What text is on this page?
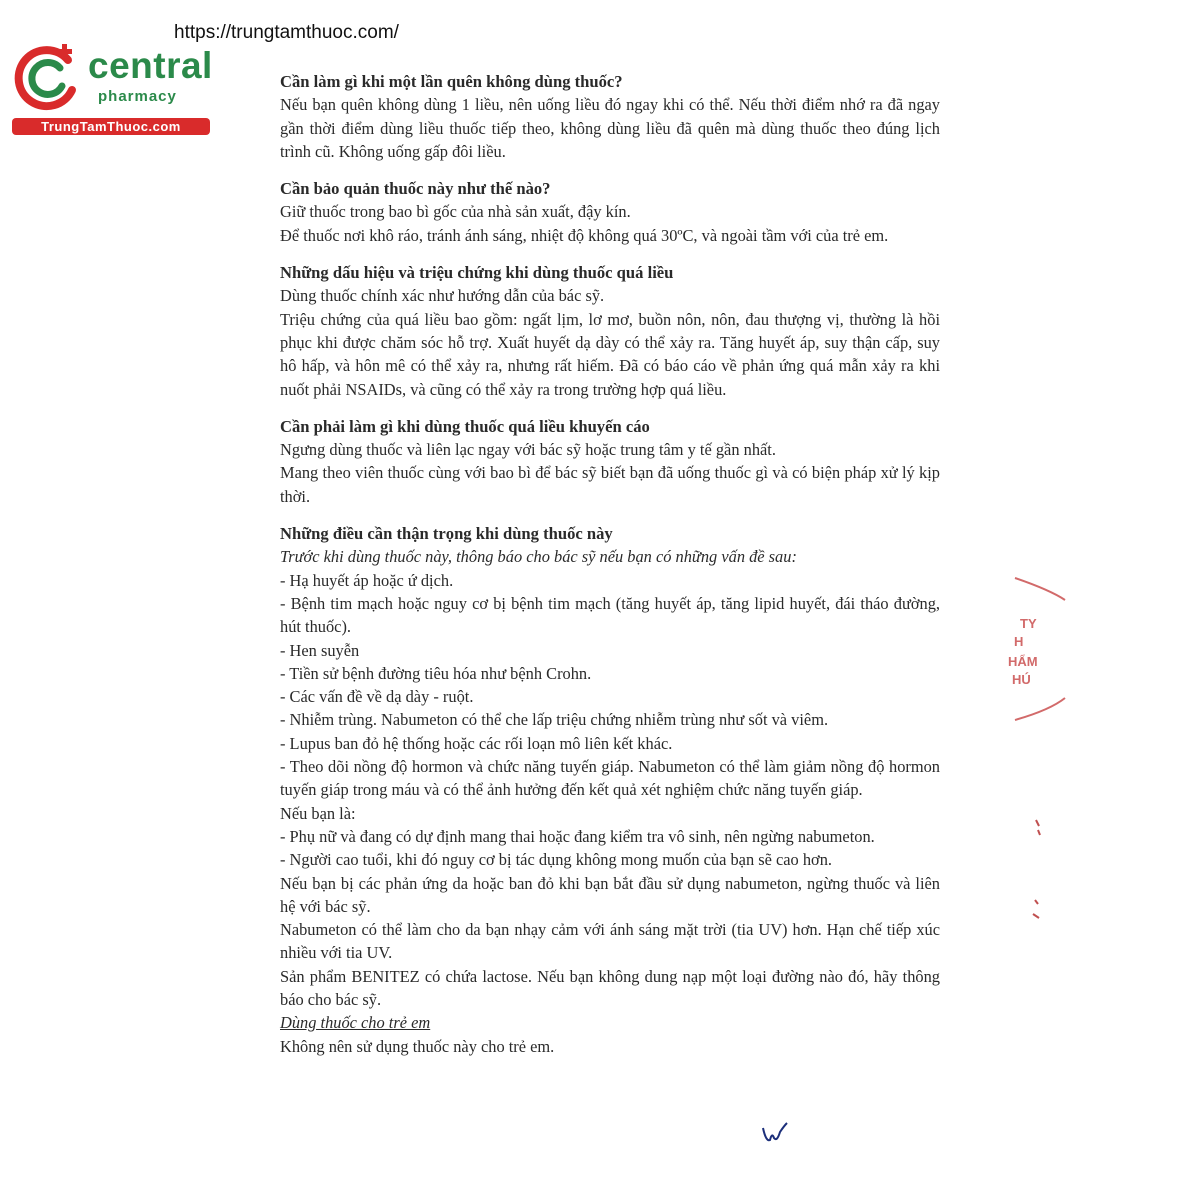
https://trungtamthuoc.com/
central
pharmacy
TrungTamThuoc.com

Cần làm gì khi một lần quên không dùng thuốc?

Nếu bạn quên không dùng 1 liều, nên uống liều đó ngay khi có thể. Nếu thời điểm nhớ ra đã ngay gần thời điểm dùng liều thuốc tiếp theo, không dùng liều đã quên mà dùng thuốc theo đúng lịch trình cũ. Không uống gấp đôi liều.

Cần bảo quản thuốc này như thế nào?

Giữ thuốc trong bao bì gốc của nhà sản xuất, đậy kín.

Để thuốc nơi khô ráo, tránh ánh sáng, nhiệt độ không quá 30ºC, và ngoài tầm với của trẻ em.

Những dấu hiệu và triệu chứng khi dùng thuốc quá liều

Dùng thuốc chính xác như hướng dẫn của bác sỹ.

Triệu chứng của quá liều bao gồm: ngất lịm, lơ mơ, buồn nôn, nôn, đau thượng vị, thường là hồi phục khi được chăm sóc hỗ trợ. Xuất huyết dạ dày có thể xảy ra. Tăng huyết áp, suy thận cấp, suy hô hấp, và hôn mê có thể xảy ra, nhưng rất hiếm. Đã có báo cáo về phản ứng quá mẫn xảy ra khi nuốt phải NSAIDs, và cũng có thể xảy ra trong trường hợp quá liều.

Cần phải làm gì khi dùng thuốc quá liều khuyến cáo

Ngưng dùng thuốc và liên lạc ngay với bác sỹ hoặc trung tâm y tế gần nhất.

Mang theo viên thuốc cùng với bao bì để bác sỹ biết bạn đã uống thuốc gì và có biện pháp xử lý kịp thời.

Những điều cần thận trọng khi dùng thuốc này

Trước khi dùng thuốc này, thông báo cho bác sỹ nếu bạn có những vấn đề sau:

- Hạ huyết áp hoặc ứ dịch.

- Bệnh tim mạch hoặc nguy cơ bị bệnh tim mạch (tăng huyết áp, tăng lipid huyết, đái tháo đường, hút thuốc).

- Hen suyễn

- Tiền sử bệnh đường tiêu hóa như bệnh Crohn.

- Các vấn đề về dạ dày - ruột.

- Nhiễm trùng. Nabumeton có thể che lấp triệu chứng nhiễm trùng như sốt và viêm.

- Lupus ban đỏ hệ thống hoặc các rối loạn mô liên kết khác.

- Theo dõi nồng độ hormon và chức năng tuyến giáp. Nabumeton có thể làm giảm nồng độ hormon tuyến giáp trong máu và có thể ảnh hưởng đến kết quả xét nghiệm chức năng tuyến giáp.

Nếu bạn là:

- Phụ nữ và đang có dự định mang thai hoặc đang kiểm tra vô sinh, nên ngừng nabumeton.

- Người cao tuổi, khi đó nguy cơ bị tác dụng không mong muốn của bạn sẽ cao hơn.

Nếu bạn bị các phản ứng da hoặc ban đỏ khi bạn bắt đầu sử dụng nabumeton, ngừng thuốc và liên hệ với bác sỹ.

Nabumeton có thể làm cho da bạn nhạy cảm với ánh sáng mặt trời (tia UV) hơn. Hạn chế tiếp xúc nhiều với tia UV.

Sản phẩm BENITEZ có chứa lactose. Nếu bạn không dung nạp một loại đường nào đó, hãy thông báo cho bác sỹ.

Dùng thuốc cho trẻ em

Không nên sử dụng thuốc này cho trẻ em.

TY
H
HẨM
HÚ
